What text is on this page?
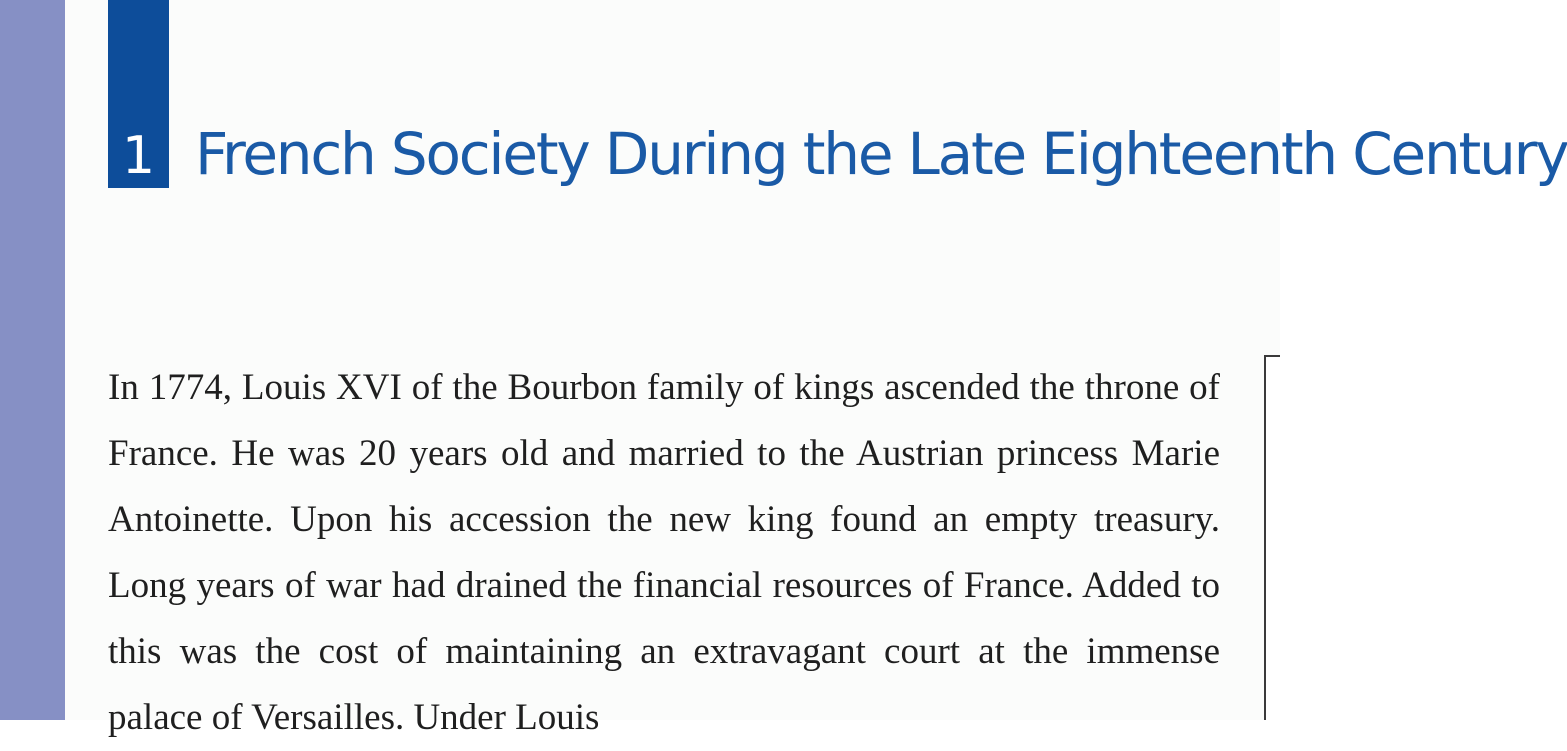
1 French Society During the Late Eighteenth Century

In 1774, Louis XVI of the Bourbon family of kings ascended the throne of France. He was 20 years old and married to the Austrian princess Marie Antoinette. Upon his accession the new king found an empty treasury. Long years of war had drained the financial resources of France. Added to this was the cost of maintaining an extravagant court at the immense palace of Versailles. Under Louis
